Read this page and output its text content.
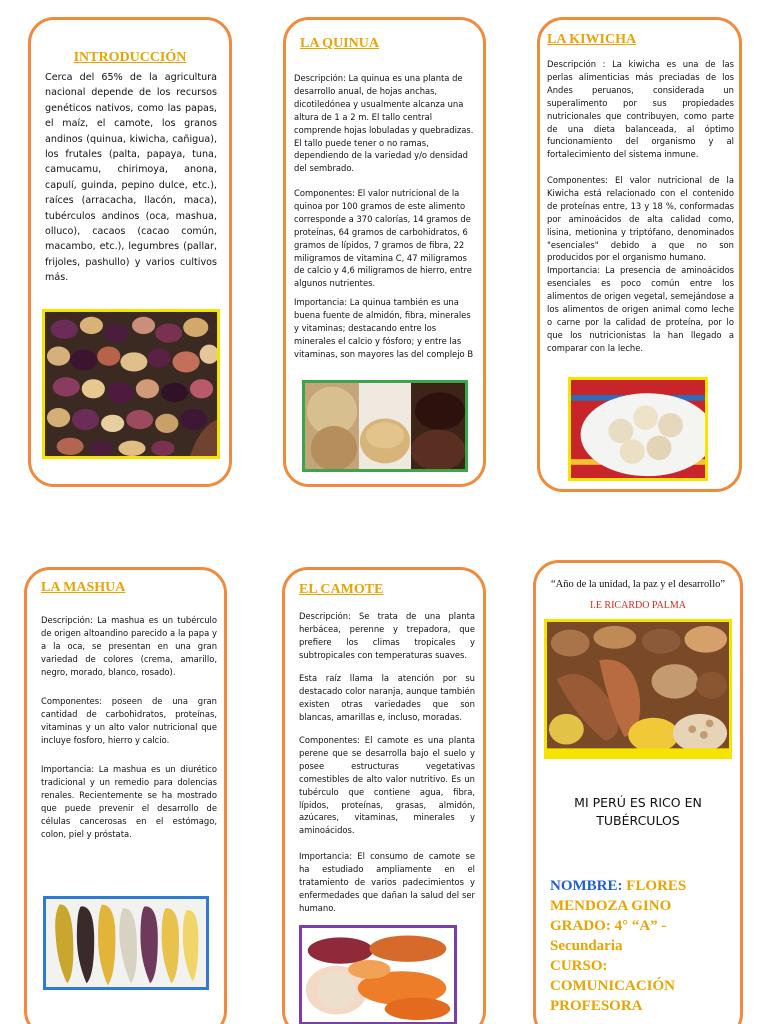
INTRODUCCIÓN
Cerca del 65% de la agricultura nacional depende de los recursos genéticos nativos, como las papas, el maíz, el camote, los granos andinos (quinua, kiwicha, cañigua), los frutales (palta, papaya, tuna, camucamu, chirimoya, anona, capulí, guinda, pepino dulce, etc.), raíces (arracacha, llacón, maca), tubérculos andinos (oca, mashua, olluco), cacaos (cacao común, macambo, etc.), legumbres (pallar, frijoles, pashullo) y varios cultivos más.
LA QUINUA
Descripción: La quinua es una planta de desarrollo anual, de hojas anchas, dicotiledónea y usualmente alcanza una altura de 1 a 2 m. El tallo central comprende hojas lobuladas y quebradizas. El tallo puede tener o no ramas, dependiendo de la variedad y/o densidad del sembrado.
Componentes: El valor nutricional de la quinoa por 100 gramos de este alimento corresponde a 370 calorías, 14 gramos de proteínas, 64 gramos de carbohidratos, 6 gramos de lípidos, 7 gramos de fibra, 22 miligramos de vitamina C, 47 miligramos de calcio y 4,6 miligramos de hierro, entre algunos nutrientes.
Importancia: La quinua también es una buena fuente de almidón, fibra, minerales y vitaminas; destacando entre los minerales el calcio y fósforo; y entre las vitaminas, son mayores las del complejo B
LA KIWICHA
Descripción : La kiwicha es una de las perlas alimenticias más preciadas de los Andes peruanos, considerada un superalimento por sus propiedades nutricionales que contribuyen, como parte de una dieta balanceada, al óptimo funcionamiento del organismo y al fortalecimiento del sistema inmune.
Componentes: El valor nutricional de la Kiwicha está relacionado con el contenido de proteínas entre, 13 y 18 %, conformadas por aminoácidos de alta calidad como, lisina, metionina y triptófano, denominados "esenciales" debido a que no son producidos por el organismo humano.
Importancia: La presencia de aminoácidos esenciales es poco común entre los alimentos de origen vegetal, semejándose a los alimentos de origen animal como leche o carne por la calidad de proteína, por lo que los nutricionistas la han llegado a comparar con la leche.
LA MASHUA
Descripción: La mashua es un tubérculo de origen altoandino parecido a la papa y a la oca, se presentan en una gran variedad de colores (crema, amarillo, negro, morado, blanco, rosado).
Componentes: poseen de una gran cantidad de carbohidratos, proteínas, vitaminas y un alto valor nutricional que incluye fosforo, hierro y calcio.
Importancia: La mashua es un diurético tradicional y un remedio para dolencias renales. Recientemente se ha mostrado que puede prevenir el desarrollo de células cancerosas en el estómago, colon, piel y próstata.
EL CAMOTE
Descripción: Se trata de una planta herbácea, perenne y trepadora, que prefiere los climas tropicales y subtropicales con temperaturas suaves.
Esta raíz llama la atención por su destacado color naranja, aunque también existen otras variedades que son blancas, amarillas e, incluso, moradas.
Componentes: El camote es una planta perene que se desarrolla bajo el suelo y posee estructuras vegetativas comestibles de alto valor nutritivo. Es un tubérculo que contiene agua, fibra, lípidos, proteínas, grasas, almidón, azúcares, vitaminas, minerales y aminoácidos.
Importancia: El consumo de camote se ha estudiado ampliamente en el tratamiento de varios padecimientos y enfermedades que dañan la salud del ser humano.
“Año de la unidad, la paz y el desarrollo”
I.E RICARDO PALMA
MI PERÚ ES RICO EN TUBÉRCULOS
NOMBRE: FLORES MENDOZA GINO
GRADO: 4° “A” - Secundaria
CURSO:
COMUNICACIÓN
PROFESORA
